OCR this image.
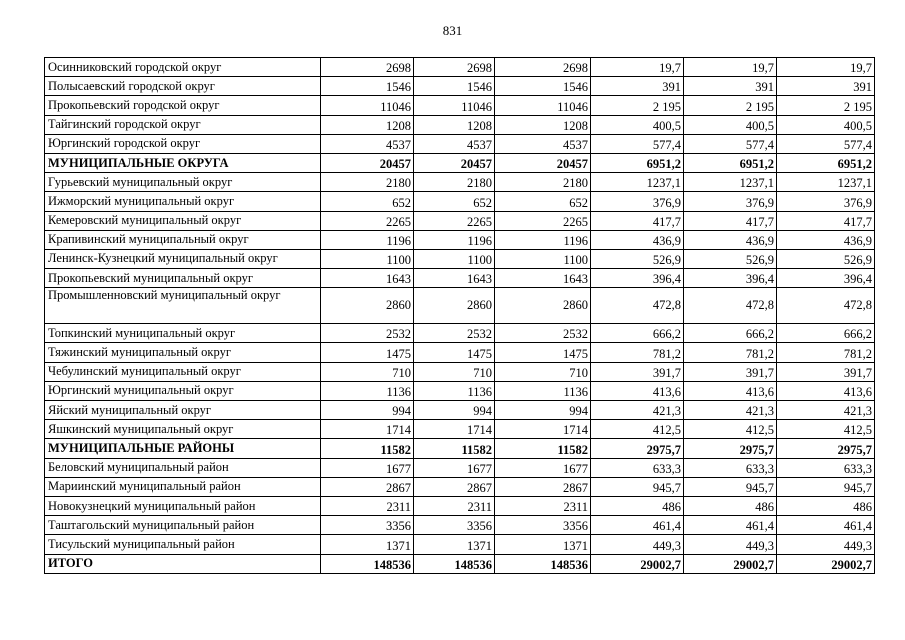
831
Осинниковский городской округ	2698	2698	2698	19,7	19,7	19,7
Полысаевский городской округ	1546	1546	1546	391	391	391
Прокопьевский городской округ	11046	11046	11046	2 195	2 195	2 195
Тайгинский городской округ	1208	1208	1208	400,5	400,5	400,5
Юргинский городской округ	4537	4537	4537	577,4	577,4	577,4
МУНИЦИПАЛЬНЫЕ ОКРУГА	20457	20457	20457	6951,2	6951,2	6951,2
Гурьевский муниципальный округ	2180	2180	2180	1237,1	1237,1	1237,1
Ижморский муниципальный округ	652	652	652	376,9	376,9	376,9
Кемеровский муниципальный округ	2265	2265	2265	417,7	417,7	417,7
Крапивинский муниципальный округ	1196	1196	1196	436,9	436,9	436,9
Ленинск-Кузнецкий муниципальный округ	1100	1100	1100	526,9	526,9	526,9
Прокопьевский муниципальный округ	1643	1643	1643	396,4	396,4	396,4
Промышленновский муниципальный округ	2860	2860	2860	472,8	472,8	472,8
Топкинский муниципальный округ	2532	2532	2532	666,2	666,2	666,2
Тяжинский муниципальный округ	1475	1475	1475	781,2	781,2	781,2
Чебулинский муниципальный округ	710	710	710	391,7	391,7	391,7
Юргинский муниципальный округ	1136	1136	1136	413,6	413,6	413,6
Яйский муниципальный округ	994	994	994	421,3	421,3	421,3
Яшкинский муниципальный округ	1714	1714	1714	412,5	412,5	412,5
МУНИЦИПАЛЬНЫЕ РАЙОНЫ	11582	11582	11582	2975,7	2975,7	2975,7
Беловский муниципальный район	1677	1677	1677	633,3	633,3	633,3
Мариинский муниципальный район	2867	2867	2867	945,7	945,7	945,7
Новокузнецкий муниципальный район	2311	2311	2311	486	486	486
Таштагольский муниципальный район	3356	3356	3356	461,4	461,4	461,4
Тисульский муниципальный район	1371	1371	1371	449,3	449,3	449,3
ИТОГО	148536	148536	148536	29002,7	29002,7	29002,7
